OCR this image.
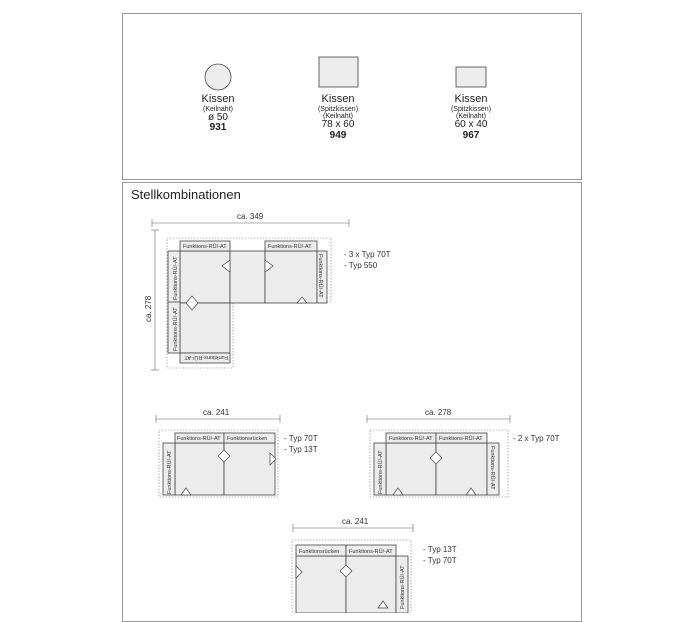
Kissen
(Keilnaht)
ø 50
931
Kissen
(Spitzkissen)
(Keilnaht)
78 x 60
949
Kissen
(Spitzkissen)
(Keilnaht)
60 x 40
967
Stellkombinationen
ca. 349
ca. 278
Funktions-RÜ/-AT	Funktions-RÜ/-AT
Funktions-RÜ/-AT
Funktions-RÜ/-AT
Funktions-RÜ/-AT
Funktions-RÜ/-AT	- 3 x Typ 70T
- Typ 550
ca. 241
Funktions-RÜ/-AT Funktionsrücken
Funktions-RÜ/-AT
- Typ 70T
- Typ 13T
ca. 278
Funktions-RÜ/-AT Funktions-RÜ/-AT
Funktions-RÜ/-AT	Funktions-RÜ/-AT
- 2 x Typ 70T
ca. 241
Funktionsrücken Funktions-RÜ/-AT
Funktions-RÜ/-AT
- Typ 13T
- Typ 70T
